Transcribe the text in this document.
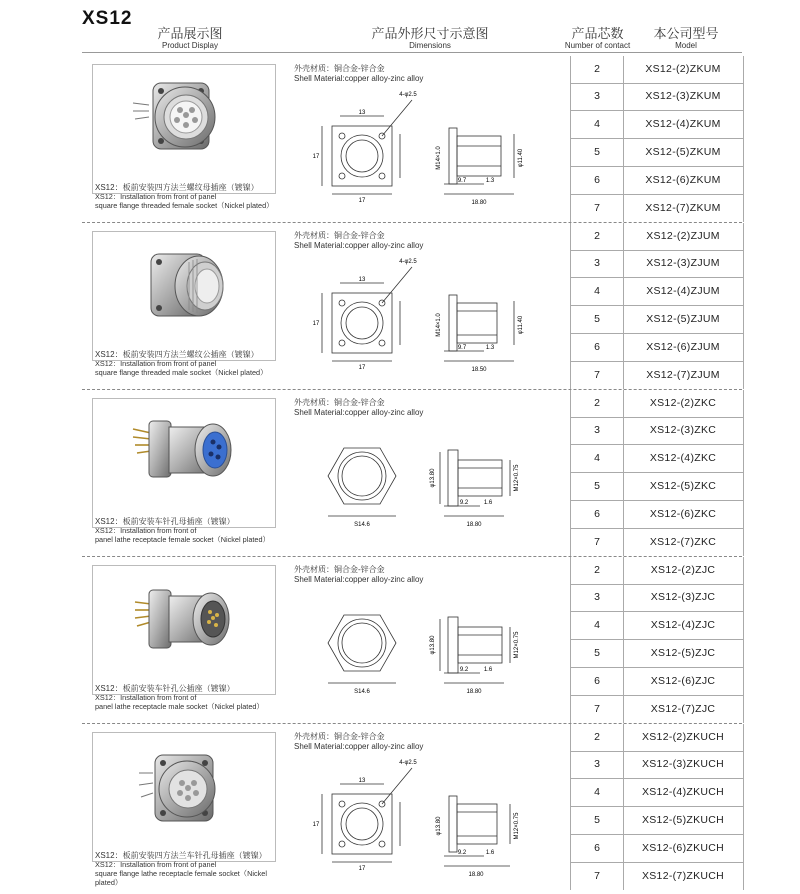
XS12
产品展示图
Product Display
产品外形尺寸示意图
Dimensions
产品芯数
Number of contact
本公司型号
Model
XS12：板前安装四方法兰螺纹母插座（镀镍）
XS12：Installation from front of panel
square flange threaded female socket（Nickel plated）
外壳材质：铜合金-锌合金
Shell Material:copper alloy-zinc alloy
13
17
17
4-φ2.5
M14×1.0	φ11.40
9.7	1.3
18.80
2	XS12-(2)ZKUM
3	XS12-(3)ZKUM
4	XS12-(4)ZKUM
5	XS12-(5)ZKUM
6	XS12-(6)ZKUM
7	XS12-(7)ZKUM
XS12：板前安装四方法兰螺纹公插座（镀镍）
XS12：Installation from front of panel
square flange threaded male socket（Nickel plated）
外壳材质：铜合金-锌合金
Shell Material:copper alloy-zinc alloy
13
17
17
4-φ2.5
M14×1.0	φ11.40
9.7	1.3
18.50
2	XS12-(2)ZJUM
3	XS12-(3)ZJUM
4	XS12-(4)ZJUM
5	XS12-(5)ZJUM
6	XS12-(6)ZJUM
7	XS12-(7)ZJUM
XS12：板前安装车针孔母插座（镀镍）
XS12：Installation from front of
panel lathe receptacle female socket（Nickel plated）
外壳材质：铜合金-锌合金
Shell Material:copper alloy-zinc alloy
S14.6
φ13.80	M12×0.75
9.2	1.6
18.80
2	XS12-(2)ZKC
3	XS12-(3)ZKC
4	XS12-(4)ZKC
5	XS12-(5)ZKC
6	XS12-(6)ZKC
7	XS12-(7)ZKC
XS12：板前安装车针孔公插座（镀镍）
XS12：Installation from front of
panel lathe receptacle male socket（Nickel plated）
外壳材质：铜合金-锌合金
Shell Material:copper alloy-zinc alloy
S14.6
φ13.80	M12×0.75
9.2	1.6
18.80
2	XS12-(2)ZJC
3	XS12-(3)ZJC
4	XS12-(4)ZJC
5	XS12-(5)ZJC
6	XS12-(6)ZJC
7	XS12-(7)ZJC
XS12：板前安装四方法兰车针孔母插座（镀镍）
XS12：Installation from front of panel
square flange lathe receptacle female socket（Nickel plated）
外壳材质：铜合金-锌合金
Shell Material:copper alloy-zinc alloy
13
17
17
4-φ2.5
φ13.80	M12×0.75
9.2	1.6
18.80
2	XS12-(2)ZKUCH
3	XS12-(3)ZKUCH
4	XS12-(4)ZKUCH
5	XS12-(5)ZKUCH
6	XS12-(6)ZKUCH
7	XS12-(7)ZKUCH
